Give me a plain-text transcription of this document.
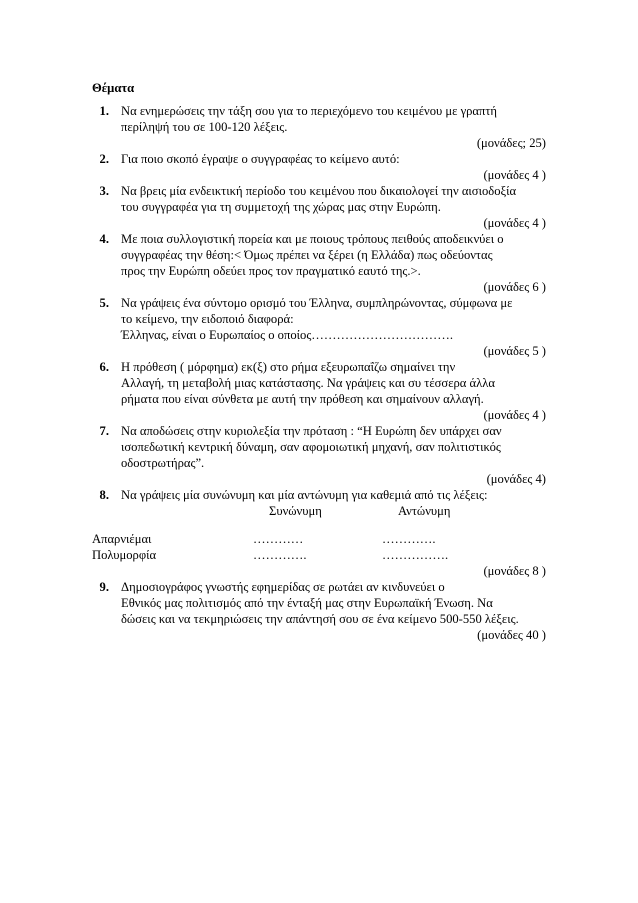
Θέματα
1. Να ενημερώσεις την τάξη σου για το περιεχόμενο του κειμένου με γραπτή
περίληψή του σε 100-120 λέξεις.
(μονάδες; 25)
2. Για ποιο σκοπό έγραψε ο συγγραφέας το κείμενο αυτό:
(μονάδες 4 )
3. Να βρεις μία ενδεικτική περίοδο του κειμένου που δικαιολογεί την αισιοδοξία
του συγγραφέα για τη συμμετοχή της χώρας μας στην Ευρώπη.
(μονάδες 4 )
4. Με ποια συλλογιστική πορεία και με ποιους τρόπους πειθούς αποδεικνύει ο
συγγραφέας την θέση:< Όμως πρέπει να ξέρει (η Ελλάδα) πως οδεύοντας
προς την Ευρώπη οδεύει προς τον πραγματικό εαυτό της.>.
(μονάδες 6 )
5. Να γράψεις ένα σύντομο ορισμό του Έλληνα, συμπληρώνοντας, σύμφωνα με
το κείμενο, την ειδοποιό διαφορά:
Έλληνας, είναι ο Ευρωπαίος ο οποίος…………………………….
(μονάδες 5 )
6. Η πρόθεση ( μόρφημα) εκ(ξ) στο ρήμα εξευρωπαΐζω σημαίνει την
Αλλαγή, τη μεταβολή μιας κατάστασης. Να γράψεις και συ τέσσερα άλλα
ρήματα που είναι σύνθετα με αυτή την πρόθεση και σημαίνουν αλλαγή.
(μονάδες 4 )
7. Να αποδώσεις στην κυριολεξία την πρόταση : “Η Ευρώπη δεν υπάρχει σαν
ισοπεδωτική κεντρική δύναμη, σαν αφομοιωτική μηχανή, σαν πολιτιστικός
οδοστρωτήρας”.
(μονάδες 4)
8. Να γράψεις μία συνώνυμη και μία αντώνυμη για καθεμιά από τις λέξεις:
Συνώνυμη	Αντώνυμη
Απαρνιέμαι	…………	………….
Πολυμορφία	………….	…………….
(μονάδες 8 )
9. Δημοσιογράφος γνωστής εφημερίδας σε ρωτάει αν κινδυνεύει ο
Εθνικός μας πολιτισμός από την ένταξή μας στην Ευρωπαϊκή Ένωση. Να
δώσεις και να τεκμηριώσεις την απάντησή σου σε ένα κείμενο 500-550 λέξεις.
(μονάδες 40 )
